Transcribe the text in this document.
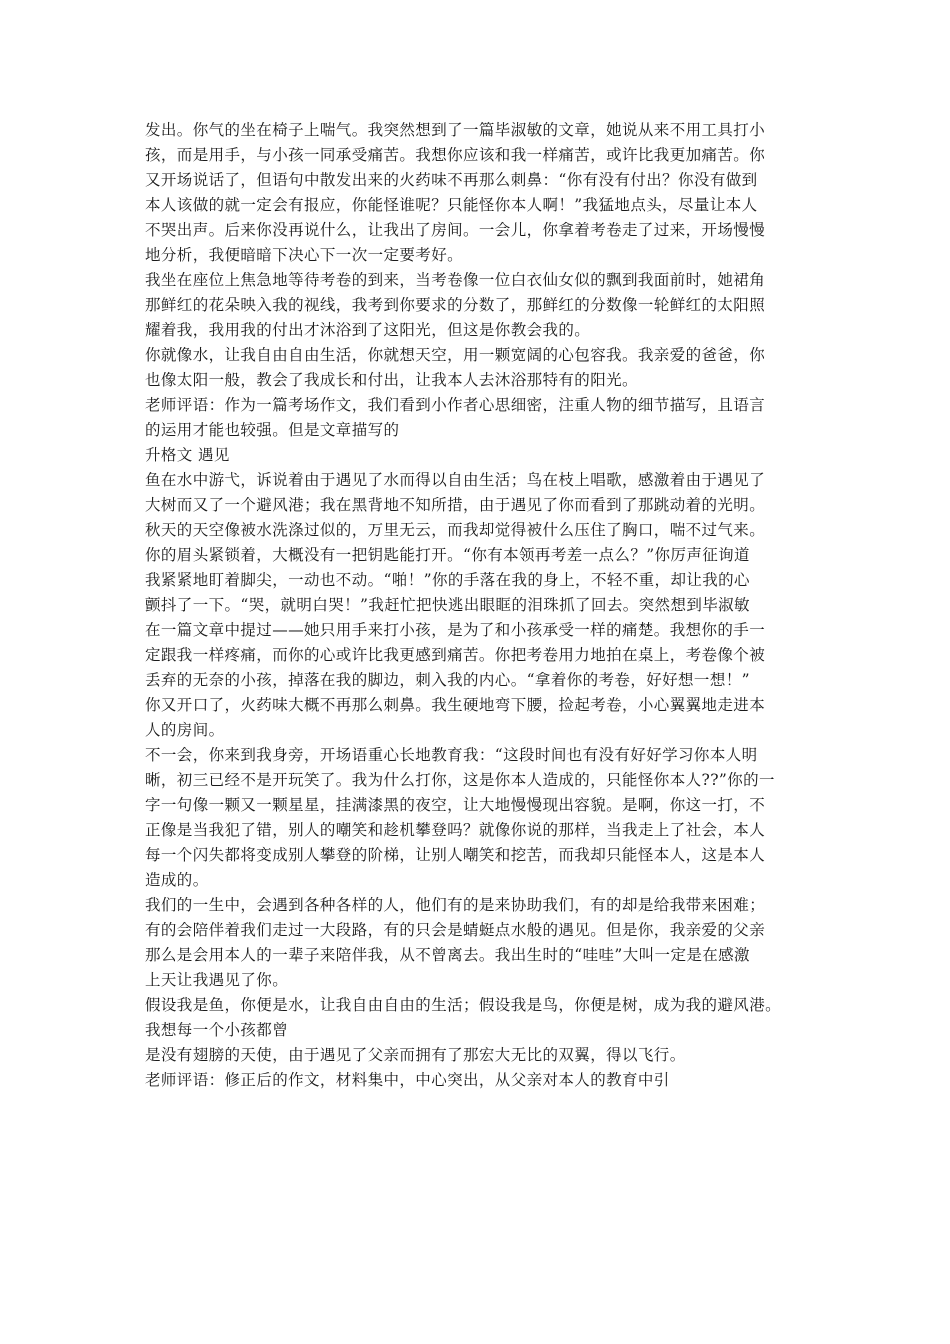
发出。你气的坐在椅子上喘气。我突然想到了一篇毕淑敏的文章，她说从来不用工具打小
孩，而是用手，与小孩一同承受痛苦。我想你应该和我一样痛苦，或许比我更加痛苦。你
又开场说话了，但语句中散发出来的火药味不再那么刺鼻：“你有没有付出？你没有做到
本人该做的就一定会有报应，你能怪谁呢？只能怪你本人啊！”我猛地点头，尽量让本人
不哭出声。后来你没再说什么，让我出了房间。一会儿，你拿着考卷走了过来，开场慢慢
地分析，我便暗暗下决心下一次一定要考好。
我坐在座位上焦急地等待考卷的到来，当考卷像一位白衣仙女似的飘到我面前时，她裙角
那鲜红的花朵映入我的视线，我考到你要求的分数了，那鲜红的分数像一轮鲜红的太阳照
耀着我，我用我的付出才沐浴到了这阳光，但这是你教会我的。
你就像水，让我自由自由生活，你就想天空，用一颗宽阔的心包容我。我亲爱的爸爸，你
也像太阳一般，教会了我成长和付出，让我本人去沐浴那特有的阳光。
老师评语：作为一篇考场作文，我们看到小作者心思细密，注重人物的细节描写，且语言
的运用才能也较强。但是文章描写的
升格文 遇见
鱼在水中游弋，诉说着由于遇见了水而得以自由生活；鸟在枝上唱歌，感激着由于遇见了
大树而又了一个避风港；我在黑背地不知所措，由于遇见了你而看到了那跳动着的光明。
秋天的天空像被水洗涤过似的，万里无云，而我却觉得被什么压住了胸口，喘不过气来。
你的眉头紧锁着，大概没有一把钥匙能打开。“你有本领再考差一点么？”你厉声征询道
我紧紧地盯着脚尖，一动也不动。“啪！”你的手落在我的身上，不轻不重，却让我的心
颤抖了一下。“哭，就明白哭！”我赶忙把快逃出眼眶的泪珠抓了回去。突然想到毕淑敏
在一篇文章中提过——她只用手来打小孩，是为了和小孩承受一样的痛楚。我想你的手一
定跟我一样疼痛，而你的心或许比我更感到痛苦。你把考卷用力地拍在桌上，考卷像个被
丢弃的无奈的小孩，掉落在我的脚边，刺入我的内心。“拿着你的考卷，好好想一想！”
你又开口了，火药味大概不再那么刺鼻。我生硬地弯下腰，捡起考卷，小心翼翼地走进本
人的房间。
不一会，你来到我身旁，开场语重心长地教育我：“这段时间也有没有好好学习你本人明
晰，初三已经不是开玩笑了。我为什么打你，这是你本人造成的，只能怪你本人??”你的一
字一句像一颗又一颗星星，挂满漆黑的夜空，让大地慢慢现出容貌。是啊，你这一打，不
正像是当我犯了错，别人的嘲笑和趁机攀登吗？就像你说的那样，当我走上了社会，本人
每一个闪失都将变成别人攀登的阶梯，让别人嘲笑和挖苦，而我却只能怪本人，这是本人
造成的。
我们的一生中，会遇到各种各样的人，他们有的是来协助我们，有的却是给我带来困难；
有的会陪伴着我们走过一大段路，有的只会是蜻蜓点水般的遇见。但是你，我亲爱的父亲
那么是会用本人的一辈子来陪伴我，从不曾离去。我出生时的“哇哇”大叫一定是在感激
上天让我遇见了你。
假设我是鱼，你便是水，让我自由自由的生活；假设我是鸟，你便是树，成为我的避风港。
我想每一个小孩都曾
是没有翅膀的天使，由于遇见了父亲而拥有了那宏大无比的双翼，得以飞行。
老师评语：修正后的作文，材料集中，中心突出，从父亲对本人的教育中引
